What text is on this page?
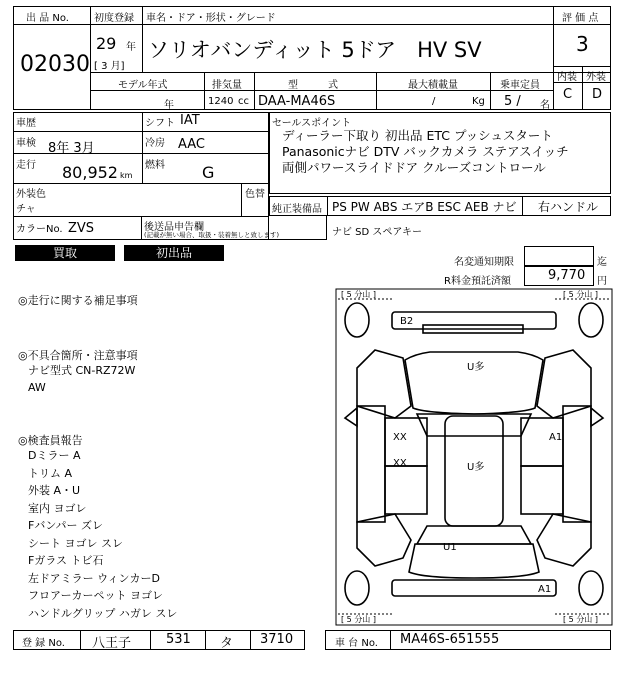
出 品 No.
02030
初度登録
29 年
[ 3 月]
車名・ドア・形状・グレード
ソリオバンディット 5ドア　HV SV
評 価 点
3
内装 外装
C D
モデル年式
年
排気量
1240 cc
型　　　式
DAA-MA46S
最大積載量
/	Kg
乗車定員
5 / 名
車歴	シフト IAT
車検 8年 3月	冷房 AAC
走行 80,952 km
燃料 G
外装色
チャ
色替
カラーNo. ZVS	後送品申告欄
(記載が無い場合、取扱・装着無しと致します)	ナビ SD スペアキー
セールスポイント
ディーラー下取り 初出品 ETC プッシュスタート
Panasonicナビ DTV バックカメラ ステアスイッチ
両側パワースライドドア クルーズコントロール
純正装備品 PS PW ABS エアB ESC AEB ナビ 右ハンドル
買取	初出品
名変通知期限	迄
R料金預託済額	9,770 円
◎走行に関する補足事項
◎不具合箇所・注意事項
ナビ型式 CN-RZ72W
AW
◎検査員報告
Dミラー A
トリム A
外装 A・U
室内 ヨゴレ
Fバンパー ズレ
シート ヨゴレ スレ
Fガラス トビ石
左ドアミラー ウィンカーD
フロアーカーペット ヨゴレ
ハンドルグリップ ハガレ スレ
[ 5 分山 ]	[ 5 分山 ]
[ 5 分山 ]	[ 5 分山 ]
B2
U多
XX
XX
A1
U多
U1
A1
登 録 No. 八王子	531 タ 3710	車 台 No. MA46S-651555
